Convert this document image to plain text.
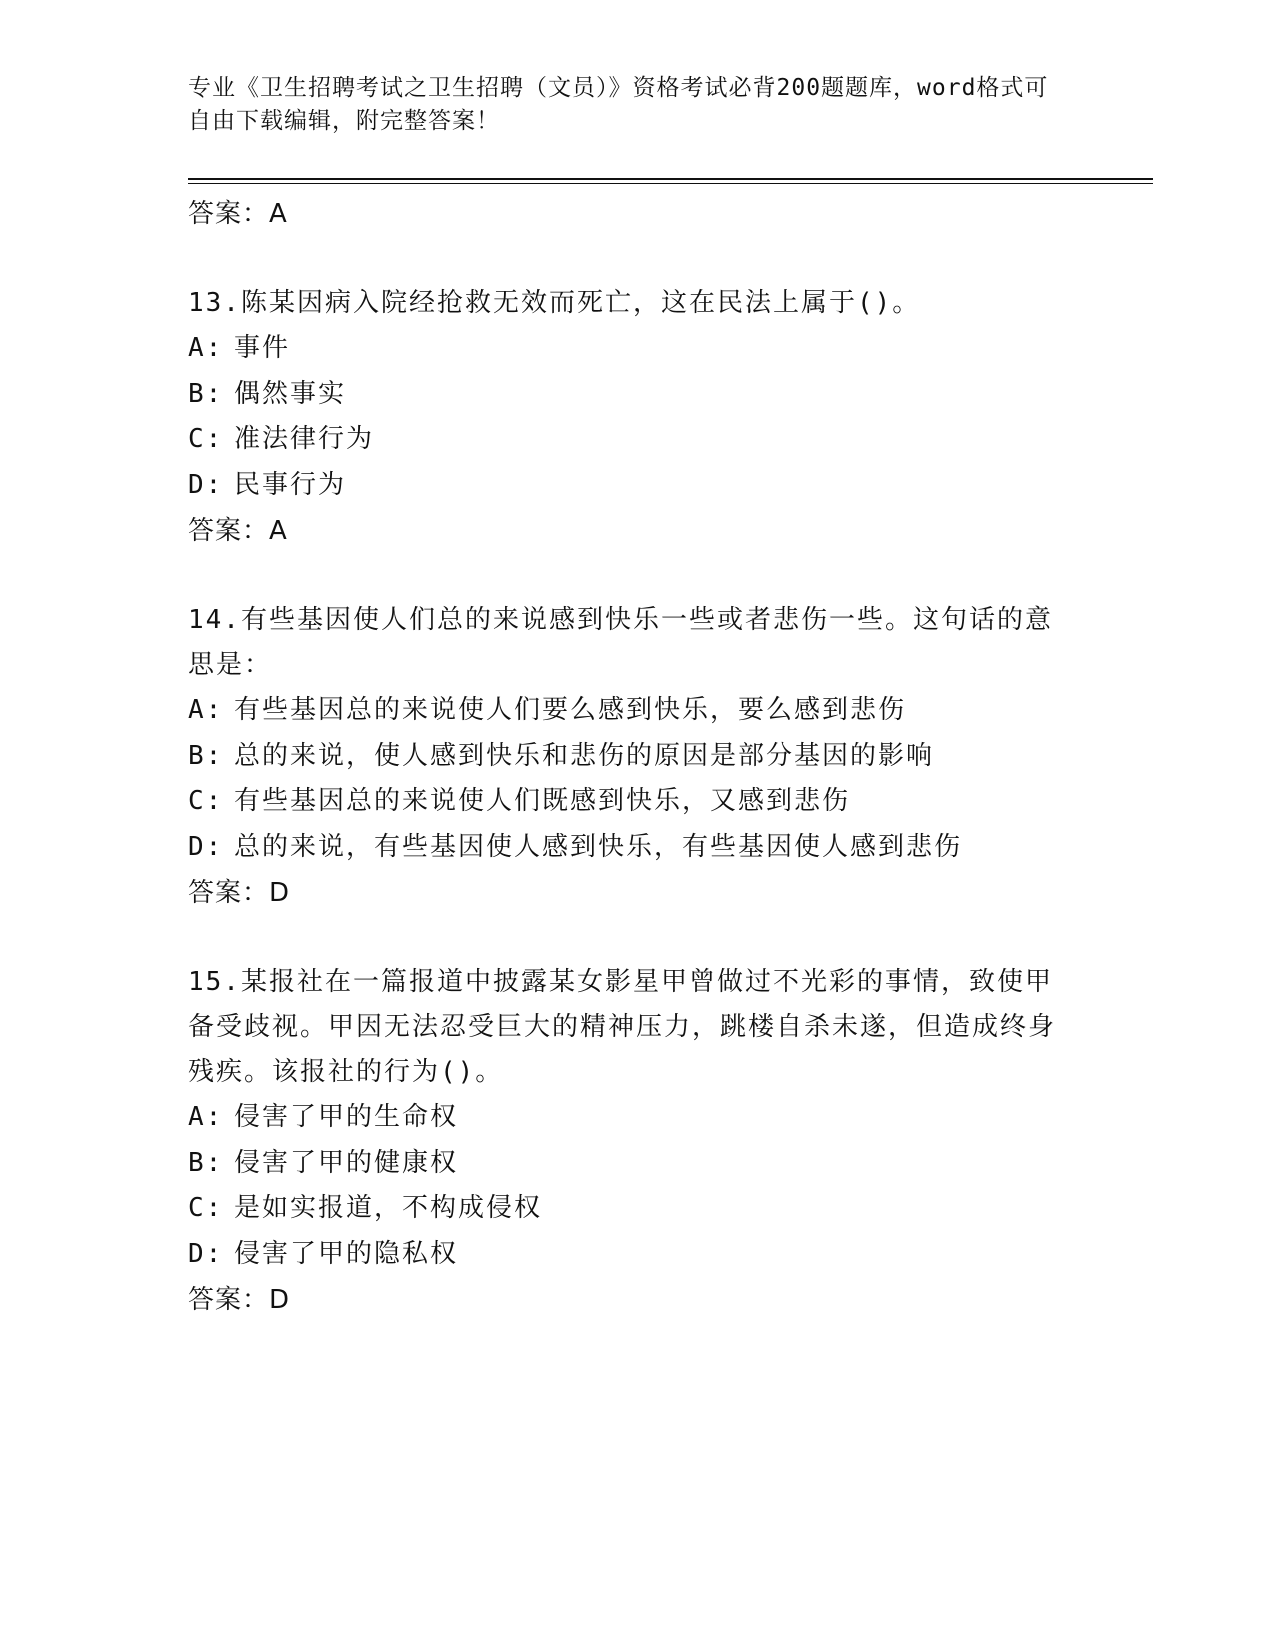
专业《卫生招聘考试之卫生招聘（文员）》资格考试必背200题题库，word格式可自由下载编辑，附完整答案！

答案：A

13.陈某因病入院经抢救无效而死亡，这在民法上属于()。

A: 事件

B: 偶然事实

C: 准法律行为

D: 民事行为

答案：A

14.有些基因使人们总的来说感到快乐一些或者悲伤一些。这句话的意思是：

A: 有些基因总的来说使人们要么感到快乐，要么感到悲伤

B: 总的来说，使人感到快乐和悲伤的原因是部分基因的影响

C: 有些基因总的来说使人们既感到快乐，又感到悲伤

D: 总的来说，有些基因使人感到快乐，有些基因使人感到悲伤

答案：D

15.某报社在一篇报道中披露某女影星甲曾做过不光彩的事情，致使甲备受歧视。甲因无法忍受巨大的精神压力，跳楼自杀未遂，但造成终身残疾。该报社的行为()。

A: 侵害了甲的生命权

B: 侵害了甲的健康权

C: 是如实报道，不构成侵权

D: 侵害了甲的隐私权

答案：D
